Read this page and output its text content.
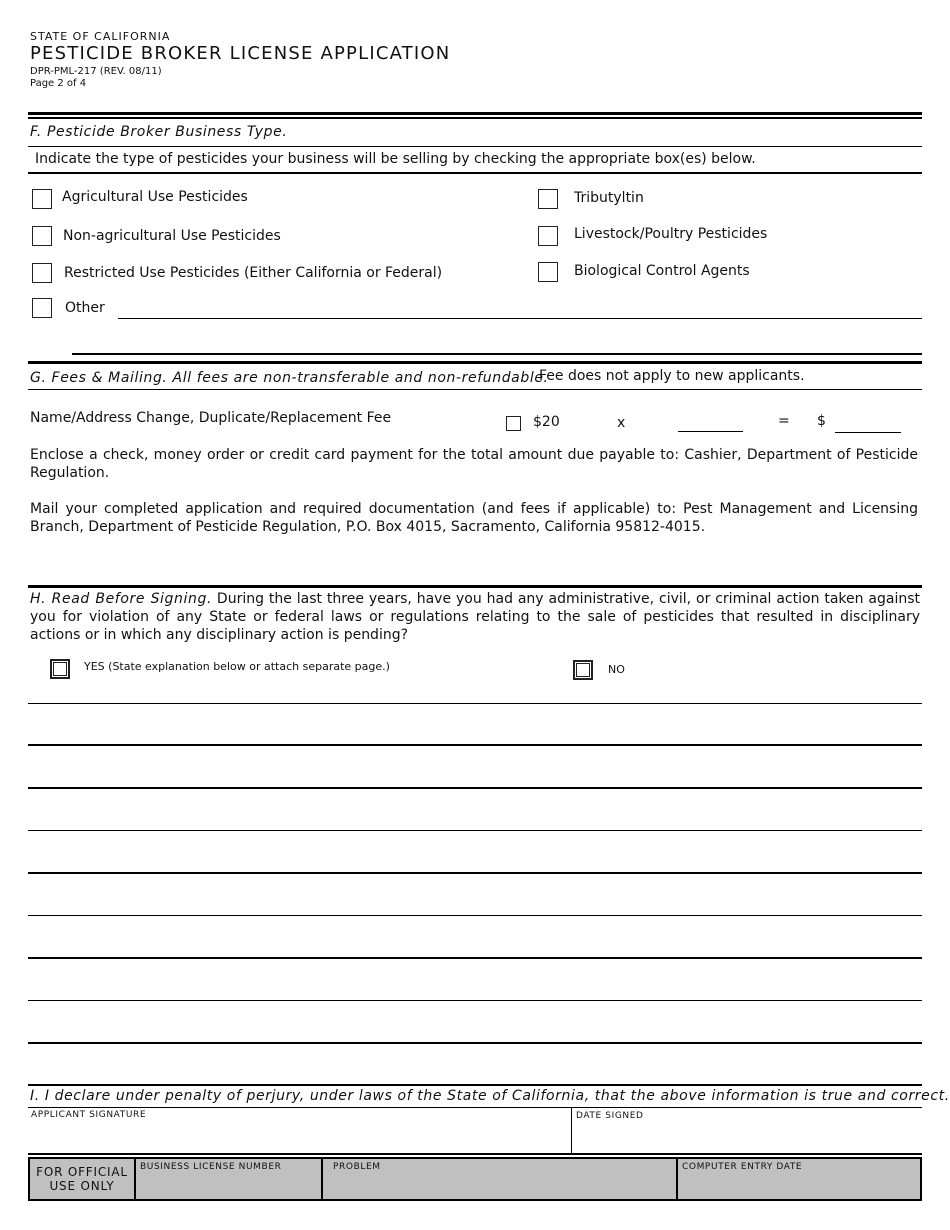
STATE OF CALIFORNIA
PESTICIDE BROKER LICENSE APPLICATION
DPR-PML-217 (REV. 08/11)
Page 2 of 4
F. Pesticide Broker Business Type.
Indicate the type of pesticides your business will be selling by checking the appropriate box(es) below.
Agricultural Use Pesticides
Non-agricultural Use Pesticides
Restricted Use Pesticides (Either California or Federal)
Other
Tributyltin
Livestock/Poultry Pesticides
Biological Control Agents
G. Fees & Mailing. All fees are non-transferable and non-refundable.
Fee does not apply to new applicants.
Name/Address Change, Duplicate/Replacement Fee	$20	x	= $
Enclose a check, money order or credit card payment for the total amount due payable to: Cashier, Department of Pesticide Regulation.
Mail your completed application and required documentation (and fees if applicable) to: Pest Management and Licensing Branch, Department of Pesticide Regulation, P.O. Box 4015, Sacramento, California 95812-4015.
H. Read Before Signing. During the last three years, have you had any administrative, civil, or criminal action taken against you for violation of any State or federal laws or regulations relating to the sale of pesticides that resulted in disciplinary actions or in which any disciplinary action is pending?
YES (State explanation below or attach separate page.)	NO
I. I declare under penalty of perjury, under laws of the State of California, that the above information is true and correct.
APPLICANT SIGNATURE	DATE SIGNED
FOR OFFICIAL USE ONLY
BUSINESS LICENSE NUMBER	PROBLEM	COMPUTER ENTRY DATE
